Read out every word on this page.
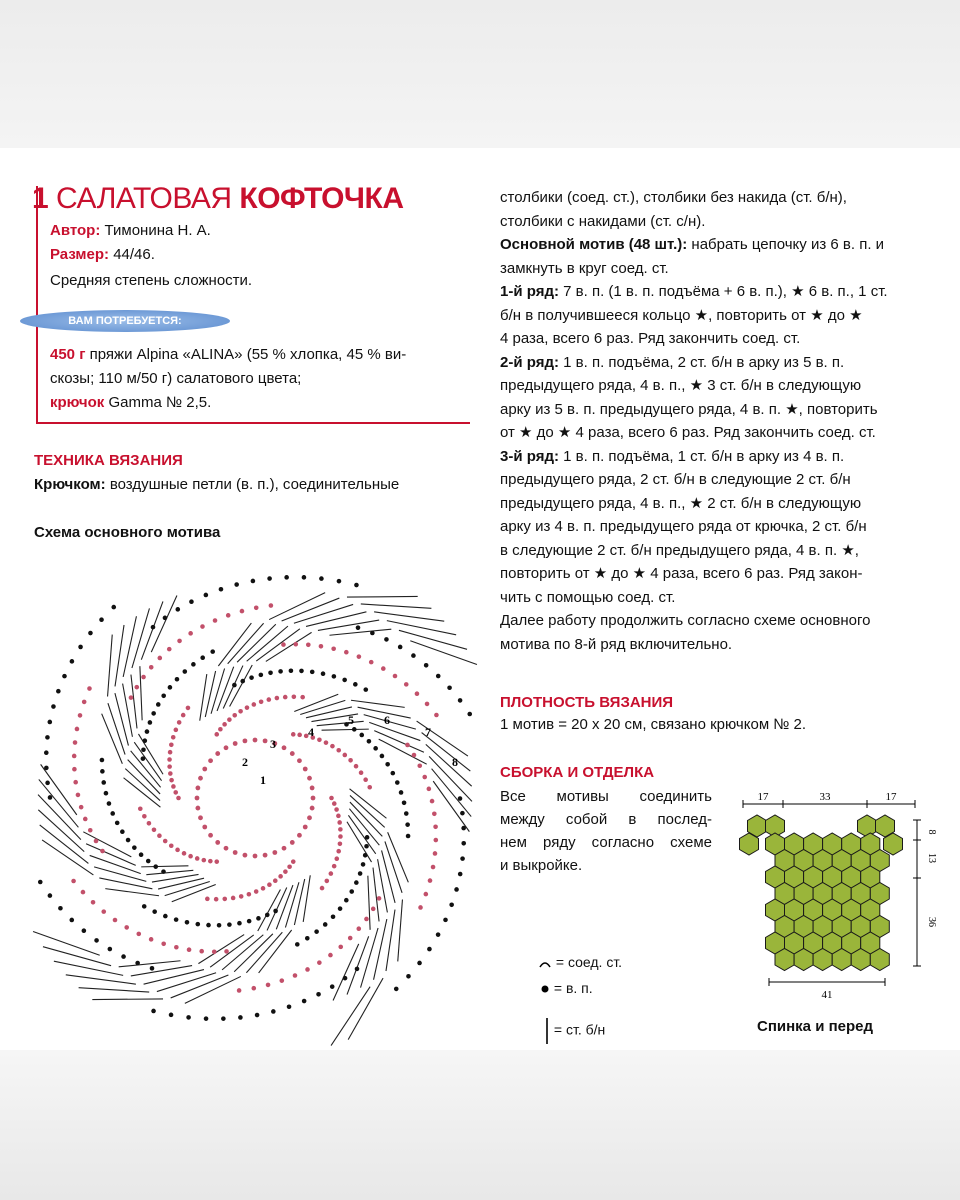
1 САЛАТОВАЯ КОФТОЧКА
Автор: Тимонина Н. А.
Размер: 44/46.
Средняя степень сложности.
ВАМ ПОТРЕБУЕТСЯ:
450 г пряжи Alpina «ALINA» (55 % хлопка, 45 % ви-
скозы; 110 м/50 г) салатового цвета;
крючок Gamma № 2,5.
ТЕХНИКА ВЯЗАНИЯ
Крючком: воздушные петли (в. п.), соединительные
Схема основного мотива
1
2
3
4
5	6
7
8
столбики (соед. ст.), столбики без накида (ст. б/н),
столбики с накидами (ст. с/н).
Основной мотив (48 шт.): набрать цепочку из 6 в. п. и
замкнуть в круг соед. ст.
1-й ряд: 7 в. п. (1 в. п. подъёма + 6 в. п.), ★ 6 в. п., 1 ст.
б/н в получившееся кольцо ★, повторить от ★ до ★
4 раза, всего 6 раз. Ряд закончить соед. ст.
2-й ряд: 1 в. п. подъёма, 2 ст. б/н в арку из 5 в. п.
предыдущего ряда, 4 в. п., ★ 3 ст. б/н в следующую
арку из 5 в. п. предыдущего ряда, 4 в. п. ★, повторить
от ★ до ★ 4 раза, всего 6 раз. Ряд закончить соед. ст.
3-й ряд: 1 в. п. подъёма, 1 ст. б/н в арку из 4 в. п.
предыдущего ряда, 2 ст. б/н в следующие 2 ст. б/н
предыдущего ряда, 4 в. п., ★ 2 ст. б/н в следующую
арку из 4 в. п. предыдущего ряда от крючка, 2 ст. б/н
в следующие 2 ст. б/н предыдущего ряда, 4 в. п. ★,
повторить от ★ до ★ 4 раза, всего 6 раз. Ряд закон-
чить с помощью соед. ст.
Далее работу продолжить согласно схеме основного
мотива по 8-й ряд включительно.
ПЛОТНОСТЬ ВЯЗАНИЯ
1 мотив = 20 х 20 см, связано крючком № 2.
СБОРКА И ОТДЕЛКА
Все мотивы соединить
между собой в послед-
нем ряду согласно схеме
и выкройке.
= соед. ст.
= в. п.
= ст. б/н
17	33	17
8
13
36
41
Спинка и перед
